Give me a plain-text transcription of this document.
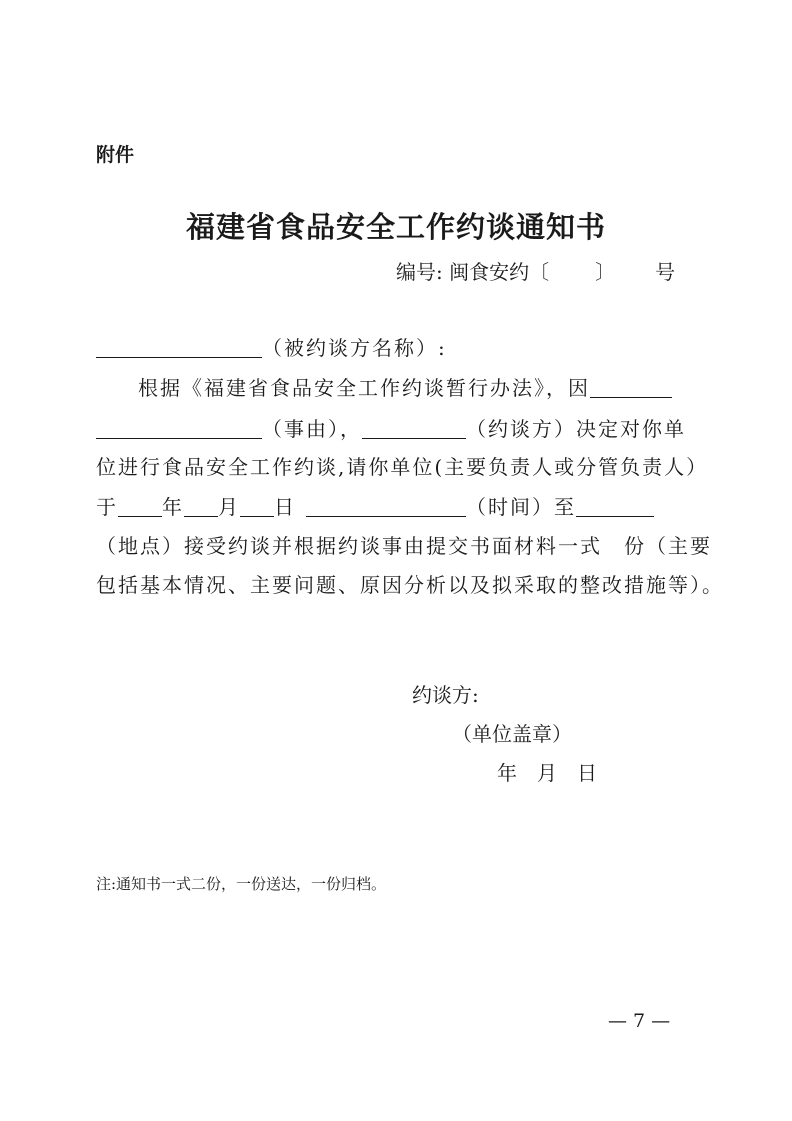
附件
福建省食品安全工作约谈通知书
编号: 闽食安约〔 〕 号
（被约谈方名称）:
根据《福建省食品安全工作约谈暂行办法》，因
（事由），	（约谈方）决定对你单
位进行食品安全工作约谈,请你单位(主要负责人或分管负责人）
于 年 月 日	（时间）至
（地点）接受约谈并根据约谈事由提交书面材料一式 份（主要
包括基本情况、主要问题、原因分析以及拟采取的整改措施等）。
约谈方:
（单位盖章）
年 月 日
注:通知书一式二份，一份送达，一份归档。
— 7 —
